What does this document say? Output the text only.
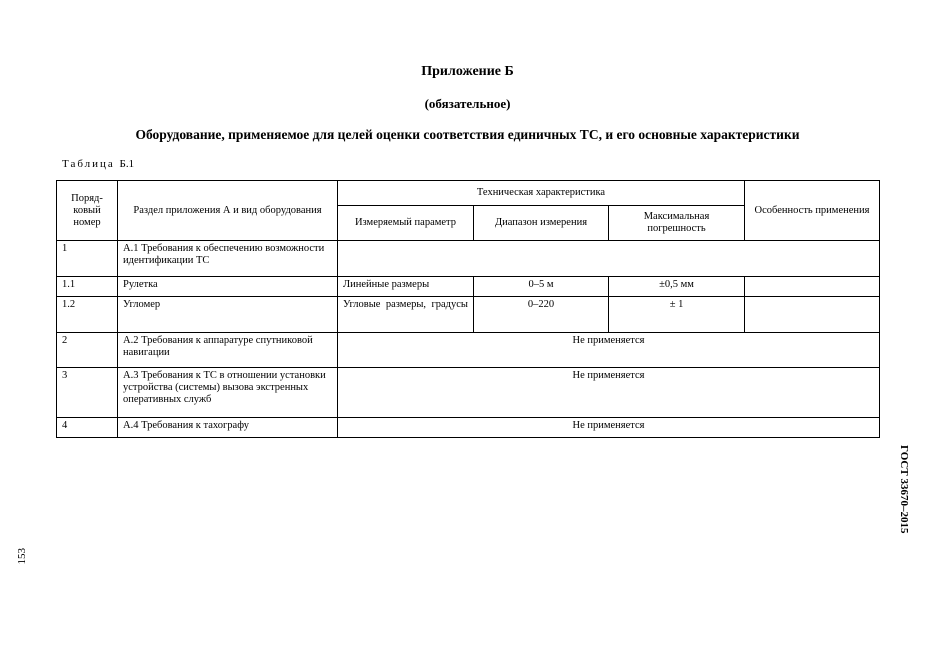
Приложение Б
(обязательное)
Оборудование, применяемое для целей оценки соответствия единичных ТС, и его основные характеристики
Таблица Б.1
Поряд-ковый номер	Раздел приложения А и вид оборудования	Техническая характеристика			Особенность применения
		Измеряемый параметр	Диапазон измерения	Максимальная погрешность	
1	А.1 Требования к обеспечению возможности идентификации ТС				
1.1	Рулетка	Линейные размеры	0–5 м	±0,5 мм	
1.2	Угломер	Угловые размеры, градусы	0–220	± 1	
2	А.2 Требования к аппаратуре спутниковой навигации	Не применяется			
3	А.3 Требования к ТС в отношении установки устройства (системы) вызова экстренных оперативных служб	Не применяется			
4	А.4 Требования к тахографу	Не применяется			
ГОСТ 33670–2015
153
